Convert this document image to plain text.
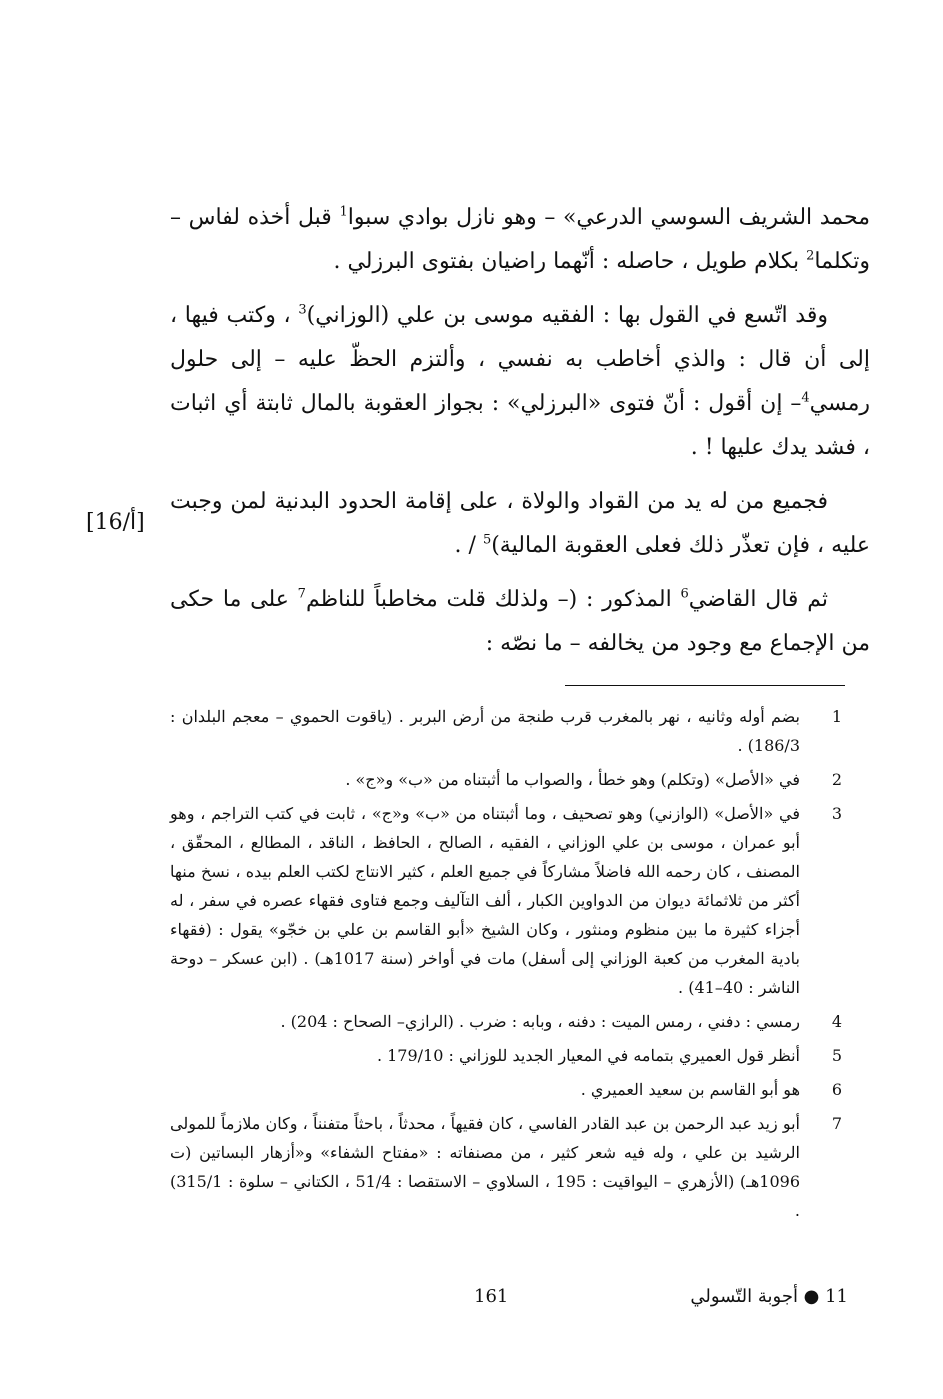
محمد الشريف السوسي الدرعي» – وهو نازل بوادي سبوا$^1$ قبل أخذه لفاس – وتكلما$^2$ بكلام طويل ، حاصله : أنّهما راضيان بفتوى البرزلي .

وقد اتّسع في القول بها : الفقيه موسى بن علي (الوزاني)$^3$ ، وكتب فيها ، إلى أن قال : والذي أخاطب به نفسي ، وألتزم الحظّ عليه – إلى حلول رمسي$^4$– إن أقول : أنّ فتوى «البرزلي» : بجواز العقوبة بالمال ثابتة أي اثبات ، فشد يدك عليها ! .

فجميع من له يد من القواد والولاة ، على إقامة الحدود البدنية لمن وجبت عليه ، فإن تعذّر ذلك فعلى العقوبة المالية)$^5$ / .

ثم قال القاضي$^6$ المذكور : (– ولذلك قلت مخاطباً للناظم$^7$ على ما حكى من الإجماع مع وجود من يخالفه – ما نصّه :

[16/أ]
1
بضم أوله وثانيه ، نهر بالمغرب قرب طنجة من أرض البربر . (ياقوت الحموي – معجم البلدان : 186/3) .
2
في «الأصل» (وتكلم) وهو خطأ ، والصواب ما أثبتناه من «ب» و«ج» .
3
في «الأصل» (الوازني) وهو تصحيف ، وما أثبتناه من «ب» و«ج» ، ثابت في كتب التراجم ، وهو أبو عمران ، موسى بن علي الوزاني ، الفقيه ، الصالح ، الحافظ ، الناقد ، المطالع ، المحقّق ، المصنف ، كان رحمه الله فاضلاً مشاركاً في جميع العلم ، كثير الانتاج لكتب العلم بيده ، نسخ منها أكثر من ثلاثمائة ديوان من الدواوين الكبار ، ألف التآليف وجمع فتاوى فقهاء عصره في سفر ، له أجزاء كثيرة ما بين منظوم ومنثور ، وكان الشيخ «أبو القاسم بن علي بن خجّو» يقول : (فقهاء بادية المغرب من كعبة الوزاني إلى أسفل) مات في أواخر (سنة 1017هـ) . (ابن عسكر – دوحة الناشر : 40–41) .
4
رمسي : دفني ، رمس الميت : دفنه ، وبابه : ضرب . (الرازي– الصحاح : 204) .
5
أنظر قول العميري بتمامه في المعيار الجديد للوزاني : 179/10 .
6
هو أبو القاسم بن سعيد العميري .
7
أبو زيد عبد الرحمن بن عبد القادر الفاسي ، كان فقيهاً ، محدثاً ، باحثاً متفنناً ، وكان ملازماً للمولى الرشيد بن علي ، وله فيه شعر كثير ، من مصنفاته : «مفتاح الشفاء» و«أزهار البساتين (ت 1096هـ) (الأزهري – اليواقيت : 195 ، السلاوي – الاستقصا : 51/4 ، الكتاني – سلوة : 315/1) .
161	11 ● أجوبة التّسولي
